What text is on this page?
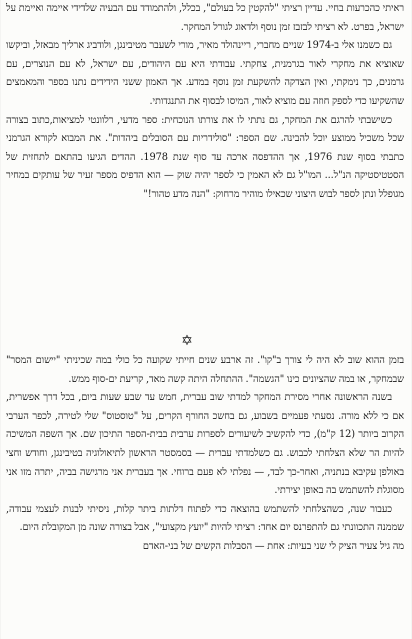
ראיתי כהכרעות בחיי. עדיין רציתי "להקטין כל בעולם", בכלל, ולהתמודד עם הבעיה שלדידי איימה ואיימת על ישראל, בפרט. לא רציתי לבזבז זמן נוסף ולדאוג לגורל המחקר.

גם כשמנו אלי ב-1974 שניים מחברי, ריינהולד מאיר, מורי לשעבר מטיבינגן, ולודביג ארליך מבאזל, וביקשו שאוציא את מחקרי לאור בגרמנית, צחקתי. עבודתי היא עם היהודים, עם ישראל, לא עם הנוצרים, עם גרמנים, כך נימקתי, ואין הצדקה להשקעת זמן נוסף במדע. אך האמון ששני הידידים נתנו בספר והמאמצים שהשקיעו כדי לספק חוזה עם מוציא לאור, המיסו לבסוף את התנגדותי.

כשישבתי להרגם את המחקר, גם נתתי לו את צורתו הנוכחית: ספר מדעי, רלוונטי למציאות,כתוב בצורה שכל משכיל ממוצע יוכל להבינה. שם הספר: "סולידריות עם הסובלים ביהדות". את המבוא לקורא הגרמני כתבתי בסוף שנת 1976, אך ההדפסה ארכה עד סוף שנת 1978. ההדים הגיעו בהתאם לתחזית של הסטטיסטיקה הנ"ל... המו"ל גם לא האמין כי לספר יהיה שוק — הוא הדפיס מספר זעיר של עותקים במחיר מגופלל ונתן לספר לבוש היצוני שכאילו מוהיר מרחוק: "הנה מדע טהור!"

✡

בזמן ההוא שוב לא היה לי צורך ב"קו". זה ארבע שנים חייתי שקועה כל כולי במה שכיניתי "יישום המסר" שבמחקר, או במה שהציונים כינו "הגשמה". ההתחלה היתה קשה מאד, קריעת ים-סוף ממש.

בשנה הראשונה אחרי מסירת המחקר למדתי שוב עברית, חמש עד שבע שעות ביום, בכל דרך אפשרית, אם כי ללא מורה. נסעתי פעמיים בשבוע, גם בחשכ החורף הקרים, על "טוסטוס" שלי לטירה, לכפר הערבי הקרוב ביותר (12 ק"מ), כדי להקשיב לשיעורים לספרות ערבית בבית-הספר התיכון שם. אך השפה המשיכה להיות הר שלא הצלחתי לכבוש. גם כשלמדתי עברית — בסמסטר הראשון לתיאולוגיה בטיבינגן, וחודש וחצי באולפן עקיבא בנתניה, ואחר-כך לבד, — נפלתי לא פעם ברוחי. אך בעברית אני מרגישה בביה, יתרה מזו אני מסוגלת להשתמש בה באופן יצירתי.

כעבור שנה, כשהצלחתי להשתמש בהוצאה כדי לפתוח דלתות ביתר קלות, ניסיתי לבנות לעצמי עבודה, שממנה התכוונתי גם להתפרנס יום אחד: רציתי להיות "יועץ מקצועי", אבל בצורה שונה מן המקובלת היום.

מה גיל צעיר הציק לי שני בעיות: אחת — הסבלות הקשים של בני-האדם
